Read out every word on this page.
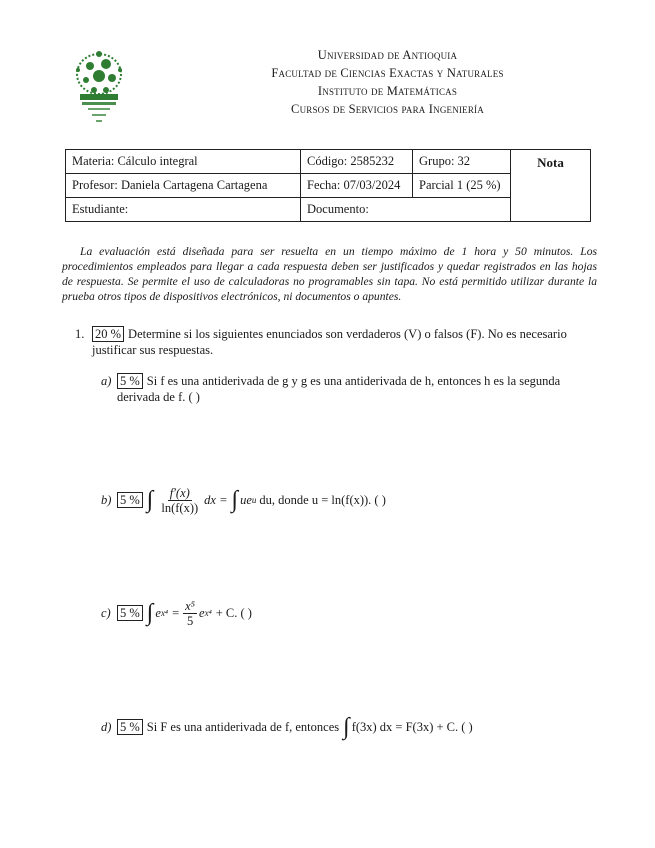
Universidad de Antioquia
Facultad de Ciencias Exactas y Naturales
Instituto de Matemáticas
Cursos de Servicios para Ingeniería
Materia: Cálculo integral	Código: 2585232	Grupo: 32	Nota
Profesor: Daniela Cartagena Cartagena	Fecha: 07/03/2024	Parcial 1 (25 %)	
Estudiante:	Documento:		
La evaluación está diseñada para ser resuelta en un tiempo máximo de 1 hora y 50 minutos. Los procedimientos empleados para llegar a cada respuesta deben ser justificados y quedar registrados en las hojas de respuesta. Se permite el uso de calculadoras no programables sin tapa. No está permitido utilizar durante la prueba otros tipos de dispositivos electrónicos, ni documentos o apuntes.
1. 20 % Determine si los siguientes enunciados son verdaderos (V) o falsos (F). No es necesario justificar sus respuestas.
a) 5 % Si f es una antiderivada de g y g es una antiderivada de h, entonces h es la segunda
derivada de f. ( )
b) 5 % ∫ $\frac{f'(x)}{\ln(f(x))}$ dx = ∫ ue u du, donde u = ln(f(x)). ( )
c) 5 % ∫ e $x^4 = \frac{\text{x⁵}}{5}$ e x⁴ + C. ( )
d) 5 % Si F es una antiderivada de f, entonces ∫ f(3x) dx = F(3x) + C. ( )
